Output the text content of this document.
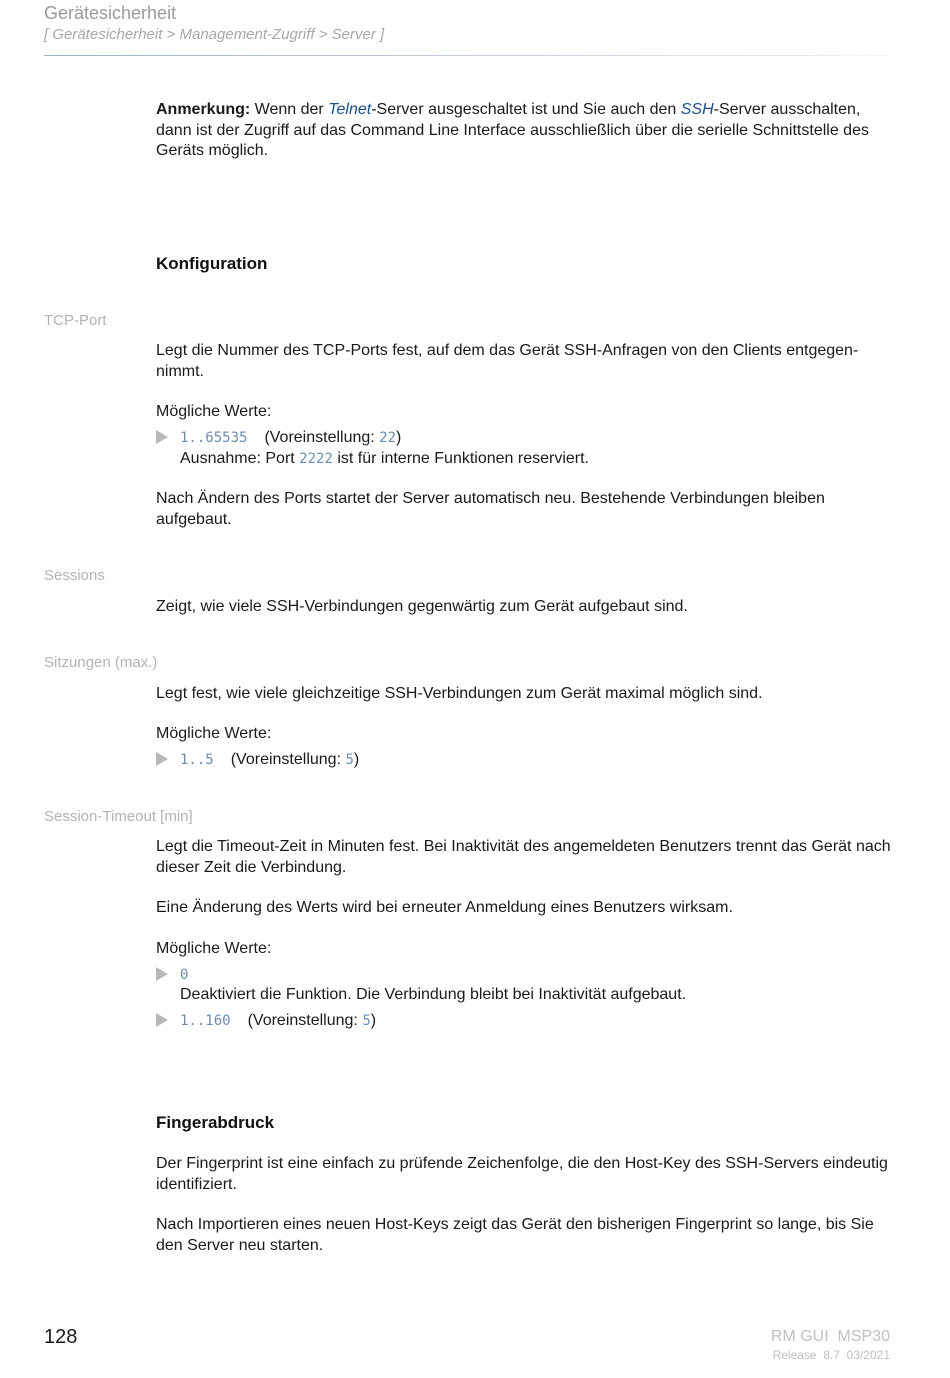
Gerätesicherheit
[ Gerätesicherheit > Management-Zugriff > Server ]
Anmerkung: Wenn der Telnet-Server ausgeschaltet ist und Sie auch den SSH-Server ausschalten, dann ist der Zugriff auf das Command Line Interface ausschließlich über die serielle Schnittstelle des Geräts möglich.
Konfiguration
TCP-Port
Legt die Nummer des TCP-Ports fest, auf dem das Gerät SSH-Anfragen von den Clients entgegen-nimmt.
Mögliche Werte:
1..65535 (Voreinstellung: 22)
Ausnahme: Port 2222 ist für interne Funktionen reserviert.
Nach Ändern des Ports startet der Server automatisch neu. Bestehende Verbindungen bleiben aufgebaut.
Sessions
Zeigt, wie viele SSH-Verbindungen gegenwärtig zum Gerät aufgebaut sind.
Sitzungen (max.)
Legt fest, wie viele gleichzeitige SSH-Verbindungen zum Gerät maximal möglich sind.
Mögliche Werte:
1..5 (Voreinstellung: 5)
Session-Timeout [min]
Legt die Timeout-Zeit in Minuten fest. Bei Inaktivität des angemeldeten Benutzers trennt das Gerät nach dieser Zeit die Verbindung.
Eine Änderung des Werts wird bei erneuter Anmeldung eines Benutzers wirksam.
Mögliche Werte:
0
Deaktiviert die Funktion. Die Verbindung bleibt bei Inaktivität aufgebaut.
1..160 (Voreinstellung: 5)
Fingerabdruck
Der Fingerprint ist eine einfach zu prüfende Zeichenfolge, die den Host-Key des SSH-Servers eindeutig identifiziert.
Nach Importieren eines neuen Host-Keys zeigt das Gerät den bisherigen Fingerprint so lange, bis Sie den Server neu starten.
128	RM GUI  MSP30
Release  8.7  03/2021
